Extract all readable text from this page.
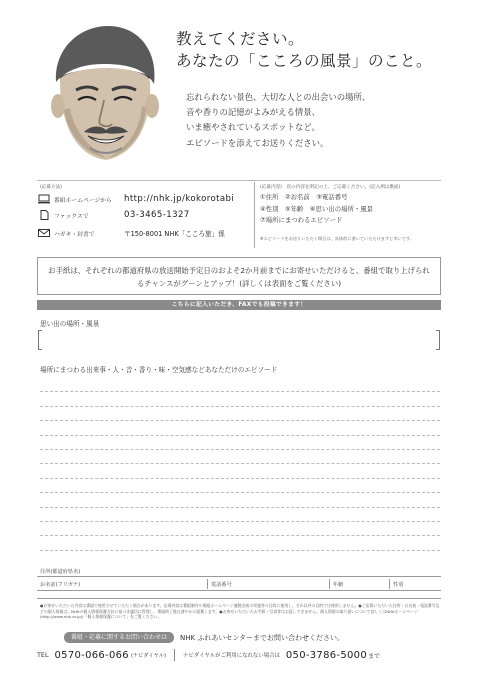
教えてください。
あなたの「こころの風景」のこと。
忘れられない景色、大切な人との出会いの場所、
音や香りの記憶がよみがえる情景、
いま癒やされているスポットなど。
エピソードを添えてお送りください。
(応募方法)
番組ホームページから	http://nhk.jp/kokorotabi
ファックスで	03-3465-1327
ハガキ・封書で	〒150-8001 NHK「こころ旅」係
(応募内容)　次の内容を明記の上、ご応募ください。(記入例は裏面)
①住所　②お名前　③電話番号
④性別　⑤年齢　⑥思い出の場所・風景
⑦場所にまつわるエピソード
※エピソードをお送りいただく場合は、具体的に書いていただけますと幸いです。
お手紙は、それぞれの都道府県の放送開始予定日のおよそ2か月前までにお寄せいただけると、番組で取り上げられるチャンスがグーンとアップ！(詳しくは表面をご覧ください)
こちらに記入いただき、FAXでも投稿できます！
思い出の場所・風景
場所にまつわる出来事・人・音・香り・味・空気感などあなただけのエピソード
住所(都道府県名)
お名前(フリガナ)	電話番号	年齢	性別
●お寄せいただいた内容は番組で使用させていただく場合があります。応募内容は番組制作や番組ホームページ連動企画の実施等の目的に使用し、それ以外の目的では使用しません。●ご応募いただいた住所・お名前・電話番号などの個人情報は、NHKの個人情報保護方針に基づき適切に管理し、番組終了後は速やかに廃棄します。●お寄せいただいたお手紙・写真等はお返しできません。個人情報の取り扱いについて詳しくはNHKホームページ(http://www.nhk.or.jp/)「個人情報保護について」をご覧ください。
番組・応募に関するお問い合わせは	NHK ふれあいセンターまでお問い合わせください。
TEL 0570-066-066 (ナビダイヤル)	ナビダイヤルがご利用になれない場合は 050-3786-5000 まで
